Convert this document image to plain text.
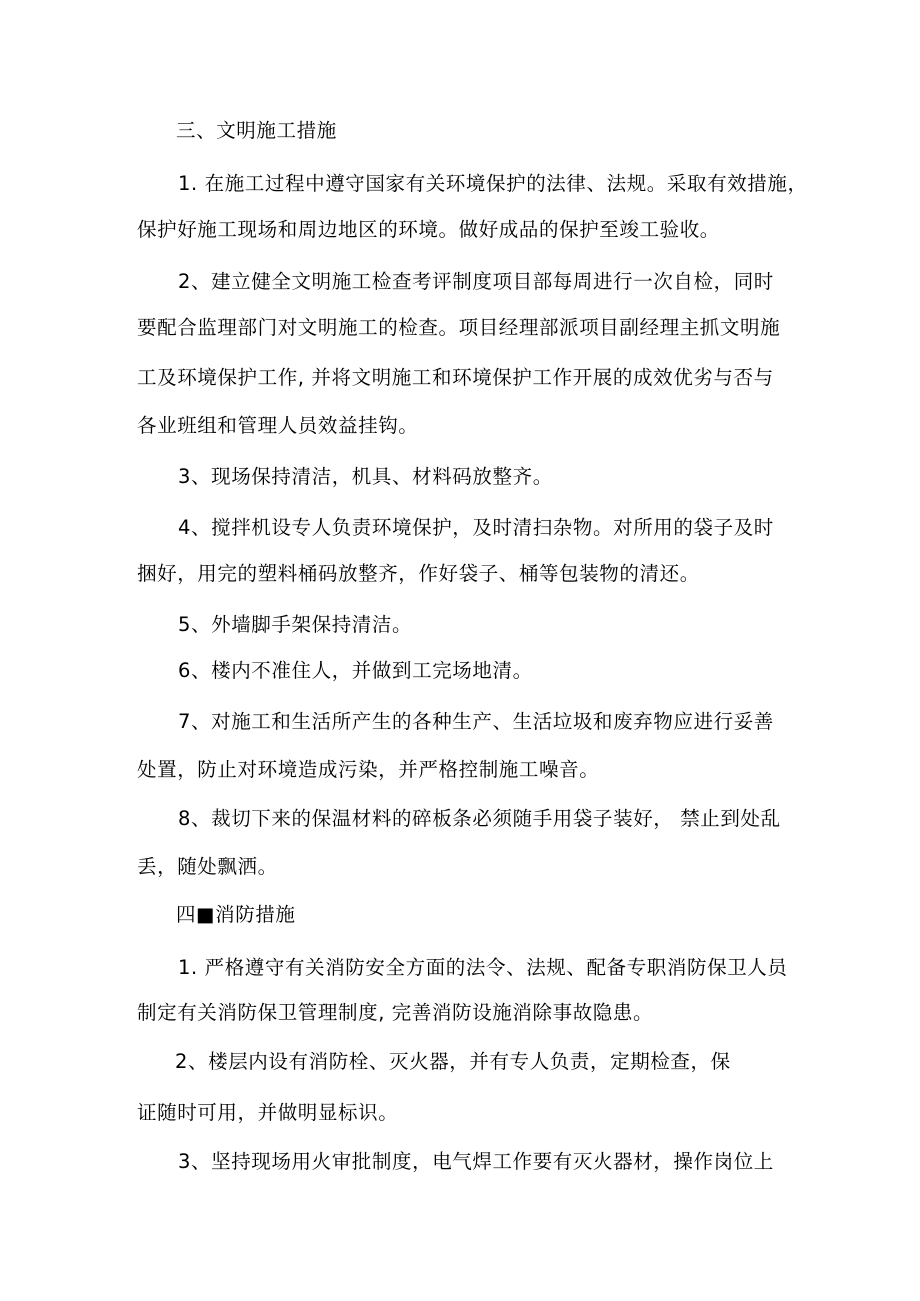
三、文明施工措施
1. 在施工过程中遵守国家有关环境保护的法律、法规。采取有效措施，
保护好施工现场和周边地区的环境。做好成品的保护至竣工验收。
2、建立健全文明施工检查考评制度项目部每周进行一次自检，同时
要配合监理部门对文明施工的检查。项目经理部派项目副经理主抓文明施
工及环境保护工作, 并将文明施工和环境保护工作开展的成效优劣与否与
各业班组和管理人员效益挂钩。
3、现场保持清洁，机具、材料码放整齐。
4、搅拌机设专人负责环境保护，及时清扫杂物。对所用的袋子及时
捆好，用完的塑料桶码放整齐，作好袋子、桶等包装物的清还。
5、外墙脚手架保持清洁。
6、楼内不准住人，并做到工完场地清。
7、对施工和生活所产生的各种生产、生活垃圾和废弃物应进行妥善
处置，防止对环境造成污染，并严格控制施工噪音。
8、裁切下来的保温材料的碎板条必须随手用袋子装好， 禁止到处乱
丢，随处飘洒。
四■消防措施
1. 严格遵守有关消防安全方面的法令、法规、配备专职消防保卫人员
制定有关消防保卫管理制度, 完善消防设施消除事故隐患。
2、楼层内设有消防栓、灭火器，并有专人负责，定期检查，保
证随时可用，并做明显标识。
3、坚持现场用火审批制度，电气焊工作要有灭火器材，操作岗位上
